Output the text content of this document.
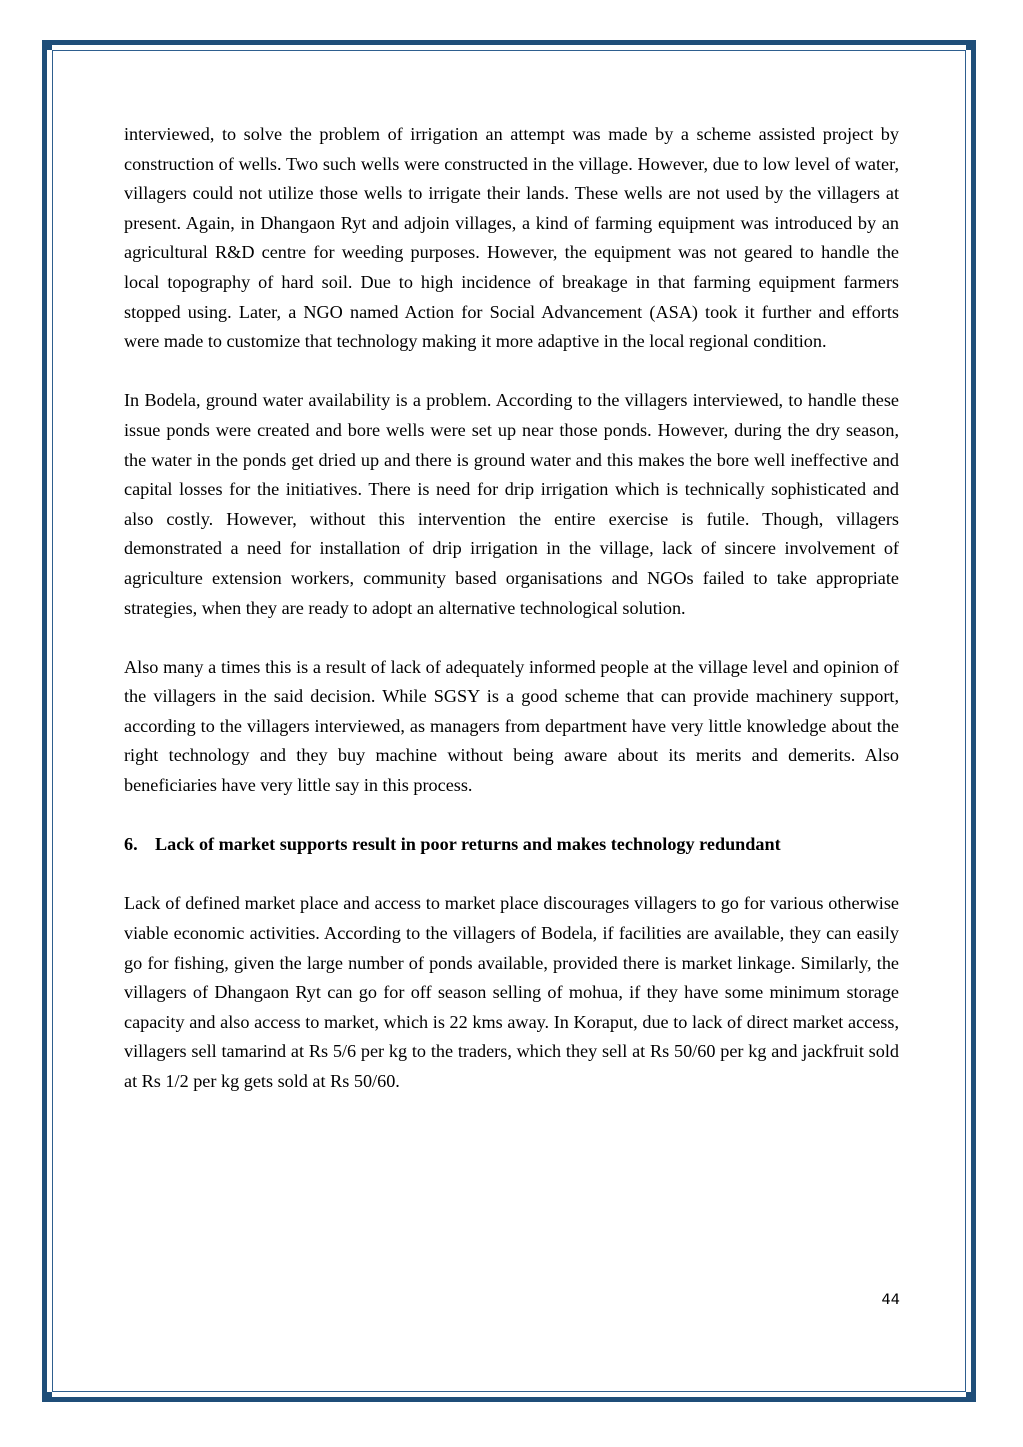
interviewed, to solve the problem of irrigation an attempt was made by a scheme assisted project by construction of wells. Two such wells were constructed in the village. However, due to low level of water, villagers could not utilize those wells to irrigate their lands. These wells are not used by the villagers at present. Again, in Dhangaon Ryt and adjoin villages, a kind of farming equipment was introduced by an agricultural R&D centre for weeding purposes. However, the equipment was not geared to handle the local topography of hard soil. Due to high incidence of breakage in that farming equipment farmers stopped using. Later, a NGO named Action for Social Advancement (ASA) took it further and efforts were made to customize that technology making it more adaptive in the local regional condition.

In Bodela, ground water availability is a problem. According to the villagers interviewed, to handle these issue ponds were created and bore wells were set up near those ponds. However, during the dry season, the water in the ponds get dried up and there is ground water and this makes the bore well ineffective and capital losses for the initiatives. There is need for drip irrigation which is technically sophisticated and also costly. However, without this intervention the entire exercise is futile. Though, villagers demonstrated a need for installation of drip irrigation in the village, lack of sincere involvement of agriculture extension workers, community based organisations and NGOs failed to take appropriate strategies, when they are ready to adopt an alternative technological solution.

Also many a times this is a result of lack of adequately informed people at the village level and opinion of the villagers in the said decision. While SGSY is a good scheme that can provide machinery support, according to the villagers interviewed, as managers from department have very little knowledge about the right technology and they buy machine without being aware about its merits and demerits. Also beneficiaries have very little say in this process.

6. Lack of market supports result in poor returns and makes technology redundant

Lack of defined market place and access to market place discourages villagers to go for various otherwise viable economic activities. According to the villagers of Bodela, if facilities are available, they can easily go for fishing, given the large number of ponds available, provided there is market linkage. Similarly, the villagers of Dhangaon Ryt can go for off season selling of mohua, if they have some minimum storage capacity and also access to market, which is 22 kms away. In Koraput, due to lack of direct market access, villagers sell tamarind at Rs 5/6 per kg to the traders, which they sell at Rs 50/60 per kg and jackfruit sold at Rs 1/2 per kg gets sold at Rs 50/60.

44
